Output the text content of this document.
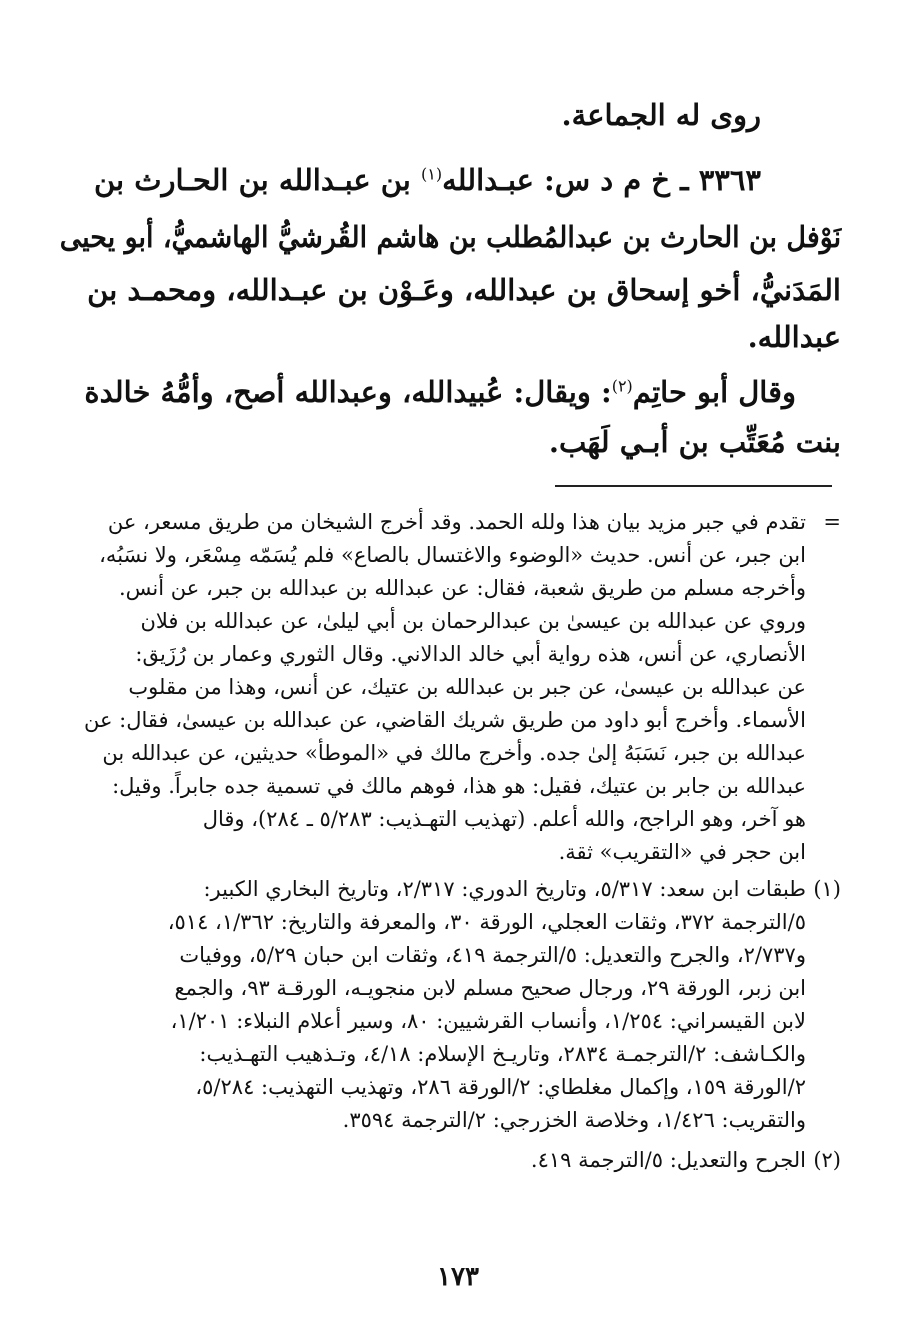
روى له الجماعة.
٣٣٦٣ ـ خ م د س: عبـدالله$^{(١)}$ بن عبـدالله بن الحـارث بن
نَوْفل بن الحارث بن عبدالمُطلب بن هاشم القُرشيُّ الهاشميُّ، أبو يحيى
المَدَنيُّ، أخو إسحاق بن عبدالله، وعَـوْن بن عبـدالله، ومحمـد بن
عبدالله.
وقال أبو حاتِم$^{(٢)}$: ويقال: عُبيدالله، وعبدالله أصح، وأمُّهُ خالدة
بنت مُعَتِّب بن أبـي لَهَب.
=
تقدم في جبر مزيد بيان هذا ولله الحمد. وقد أخرج الشيخان من طريق مسعر، عن
ابن جبر، عن أنس. حديث «الوضوء والاغتسال بالصاع» فلم يُسَمّه مِسْعَر، ولا نسَبُه،
وأخرجه مسلم من طريق شعبة، فقال: عن عبدالله بن عبدالله بن جبر، عن أنس.
وروي عن عبدالله بن عيسىٰ بن عبدالرحمان بن أبي ليلىٰ، عن عبدالله بن فلان
الأنصاري، عن أنس، هذه رواية أبي خالد الدالاني. وقال الثوري وعمار بن رُزَيق:
عن عبدالله بن عيسىٰ، عن جبر بن عبدالله بن عتيك، عن أنس، وهذا من مقلوب
الأسماء. وأخرج أبو داود من طريق شريك القاضي، عن عبدالله بن عيسىٰ، فقال: عن
عبدالله بن جبر، نَسَبَهُ إلىٰ جده. وأخرج مالك في «الموطأ» حديثين، عن عبدالله بن
عبدالله بن جابر بن عتيك، فقيل: هو هذا، فوهم مالك في تسمية جده جابراً. وقيل:
هو آخر، وهو الراجح، والله أعلم. (تهذيب التهـذيب: ٥/٢٨٣ ـ ٢٨٤)، وقال
ابن حجر في «التقريب» ثقة.
(١)
طبقات ابن سعد: ٥/٣١٧، وتاريخ الدوري: ٢/٣١٧، وتاريخ البخاري الكبير:
٥/الترجمة ٣٧٢، وثقات العجلي، الورقة ٣٠، والمعرفة والتاريخ: ١/٣٦٢، ٥١٤،
و٢/٧٣٧، والجرح والتعديل: ٥/الترجمة ٤١٩، وثقات ابن حبان ٥/٢٩، ووفيات
ابن زبر، الورقة ٢٩، ورجال صحيح مسلم لابن منجويـه، الورقـة ٩٣، والجمع
لابن القيسراني: ١/٢٥٤، وأنساب القرشيين: ٨٠، وسير أعلام النبلاء: ١/٢٠١،
والكـاشف: ٢/الترجمـة ٢٨٣٤، وتاريـخ الإسلام: ٤/١٨، وتـذهيب التهـذيب:
٢/الورقة ١٥٩، وإكمال مغلطاي: ٢/الورقة ٢٨٦، وتهذيب التهذيب: ٥/٢٨٤،
والتقريب: ١/٤٢٦، وخلاصة الخزرجي: ٢/الترجمة ٣٥٩٤.
(٢)
الجرح والتعديل: ٥/الترجمة ٤١٩.
١٧٣
